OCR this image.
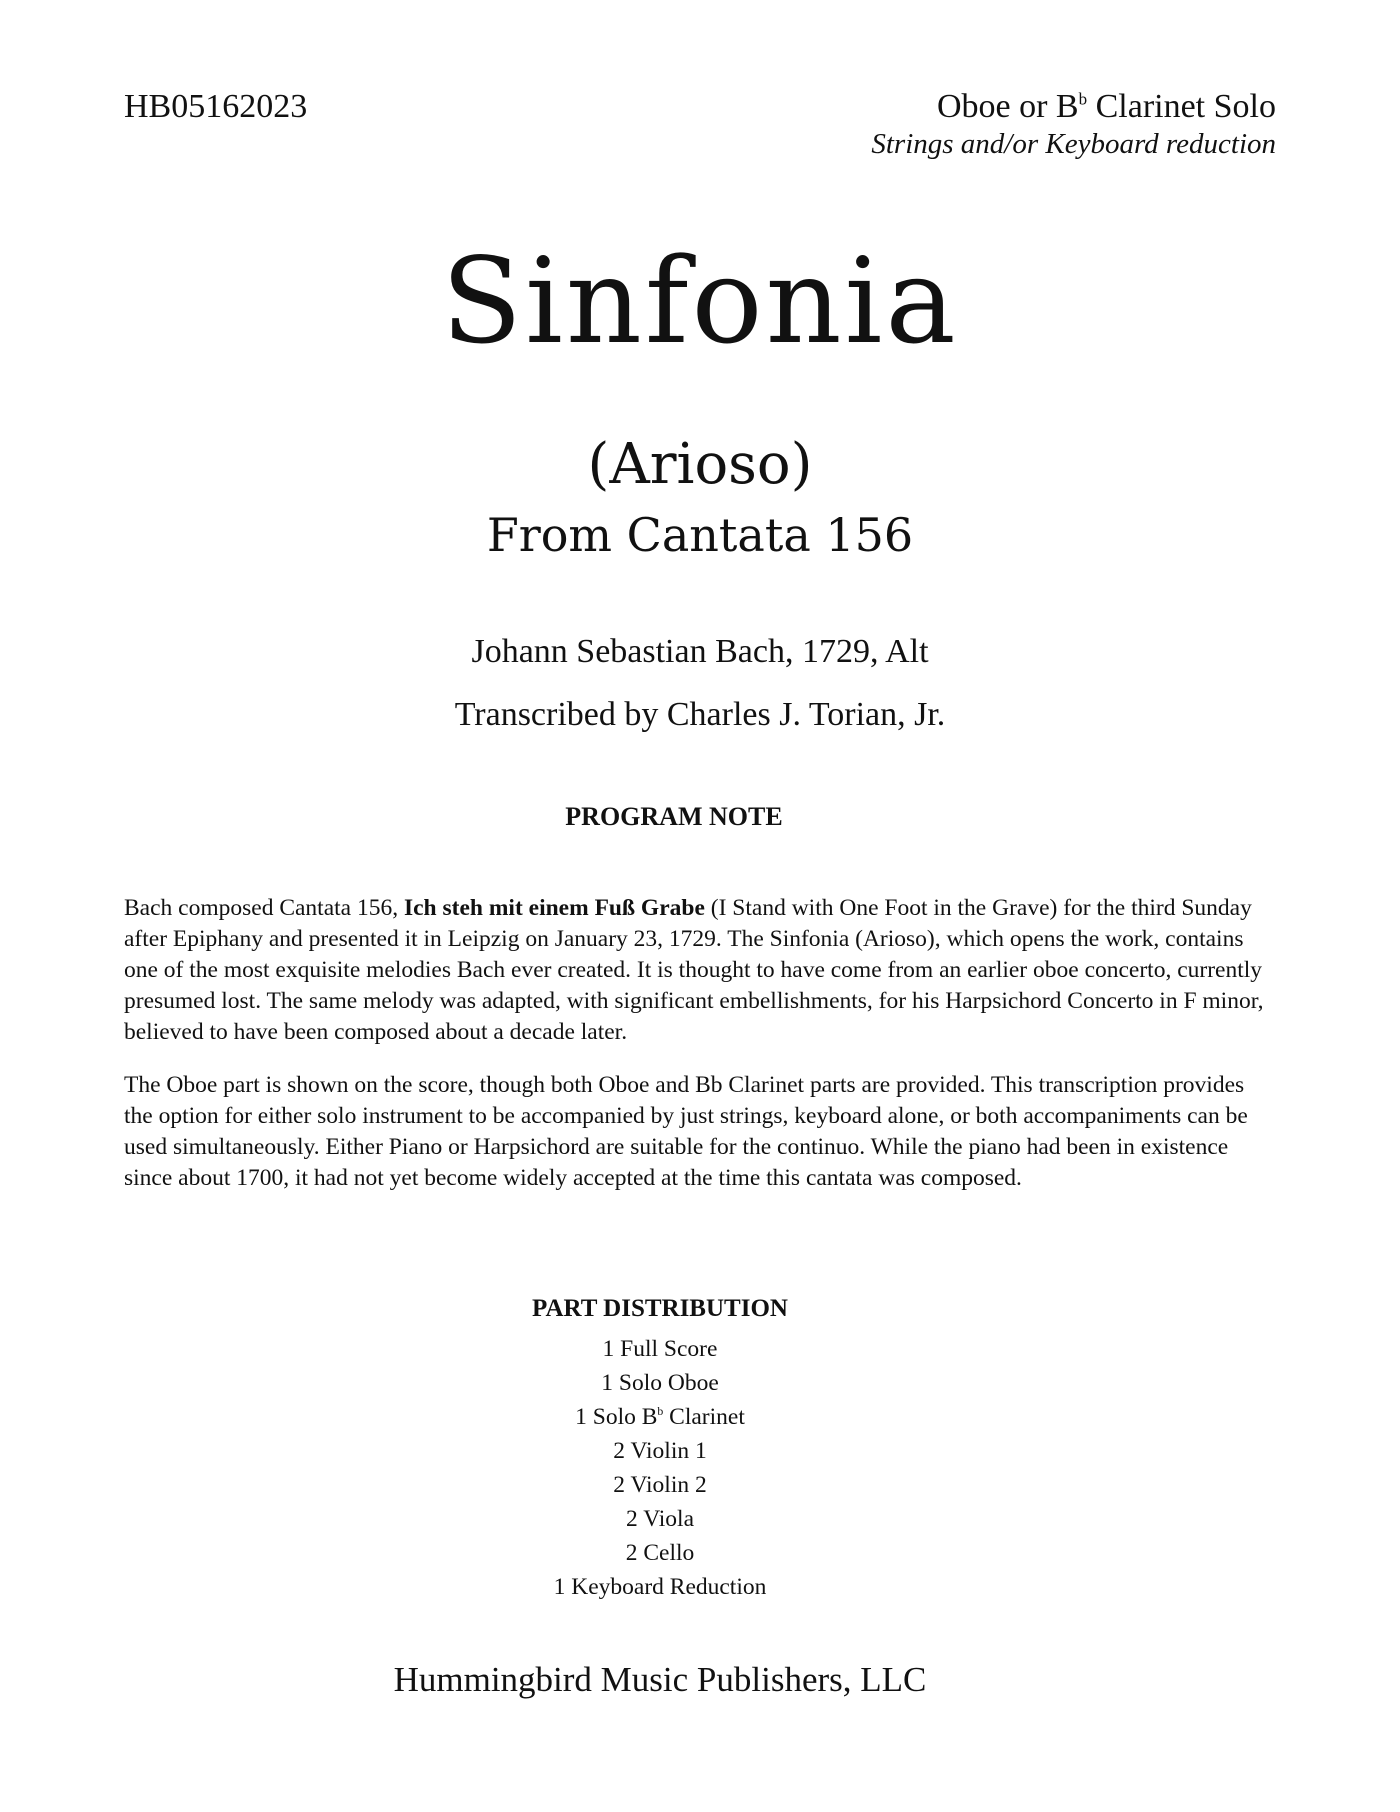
HB05162023	Oboe or $B^b$ Clarinet Solo
Strings and/or Keyboard reduction
Sinfonia
(Arioso)
From Cantata 156
Johann Sebastian Bach, 1729, Alt
Transcribed by Charles J. Torian, Jr.
PROGRAM NOTE
Bach composed Cantata 156, Ich steh mit einem Fuß Grabe (I Stand with One Foot in the Grave) for the third Sunday after Epiphany and presented it in Leipzig on January 23, 1729. The Sinfonia (Arioso), which opens the work, contains one of the most exquisite melodies Bach ever created. It is thought to have come from an earlier oboe concerto, currently presumed lost. The same melody was adapted, with significant embellishments, for his Harpsichord Concerto in F minor, believed to have been composed about a decade later.
The Oboe part is shown on the score, though both Oboe and Bb Clarinet parts are provided. This transcription provides the option for either solo instrument to be accompanied by just strings, keyboard alone, or both accompaniments can be used simultaneously. Either Piano or Harpsichord are suitable for the continuo. While the piano had been in existence since about 1700, it had not yet become widely accepted at the time this cantata was composed.
PART DISTRIBUTION
1 Full Score
1 Solo Oboe
1 Solo $B^b$ Clarinet
2 Violin 1
2 Violin 2
2 Viola
2 Cello
1 Keyboard Reduction
Hummingbird Music Publishers, LLC
